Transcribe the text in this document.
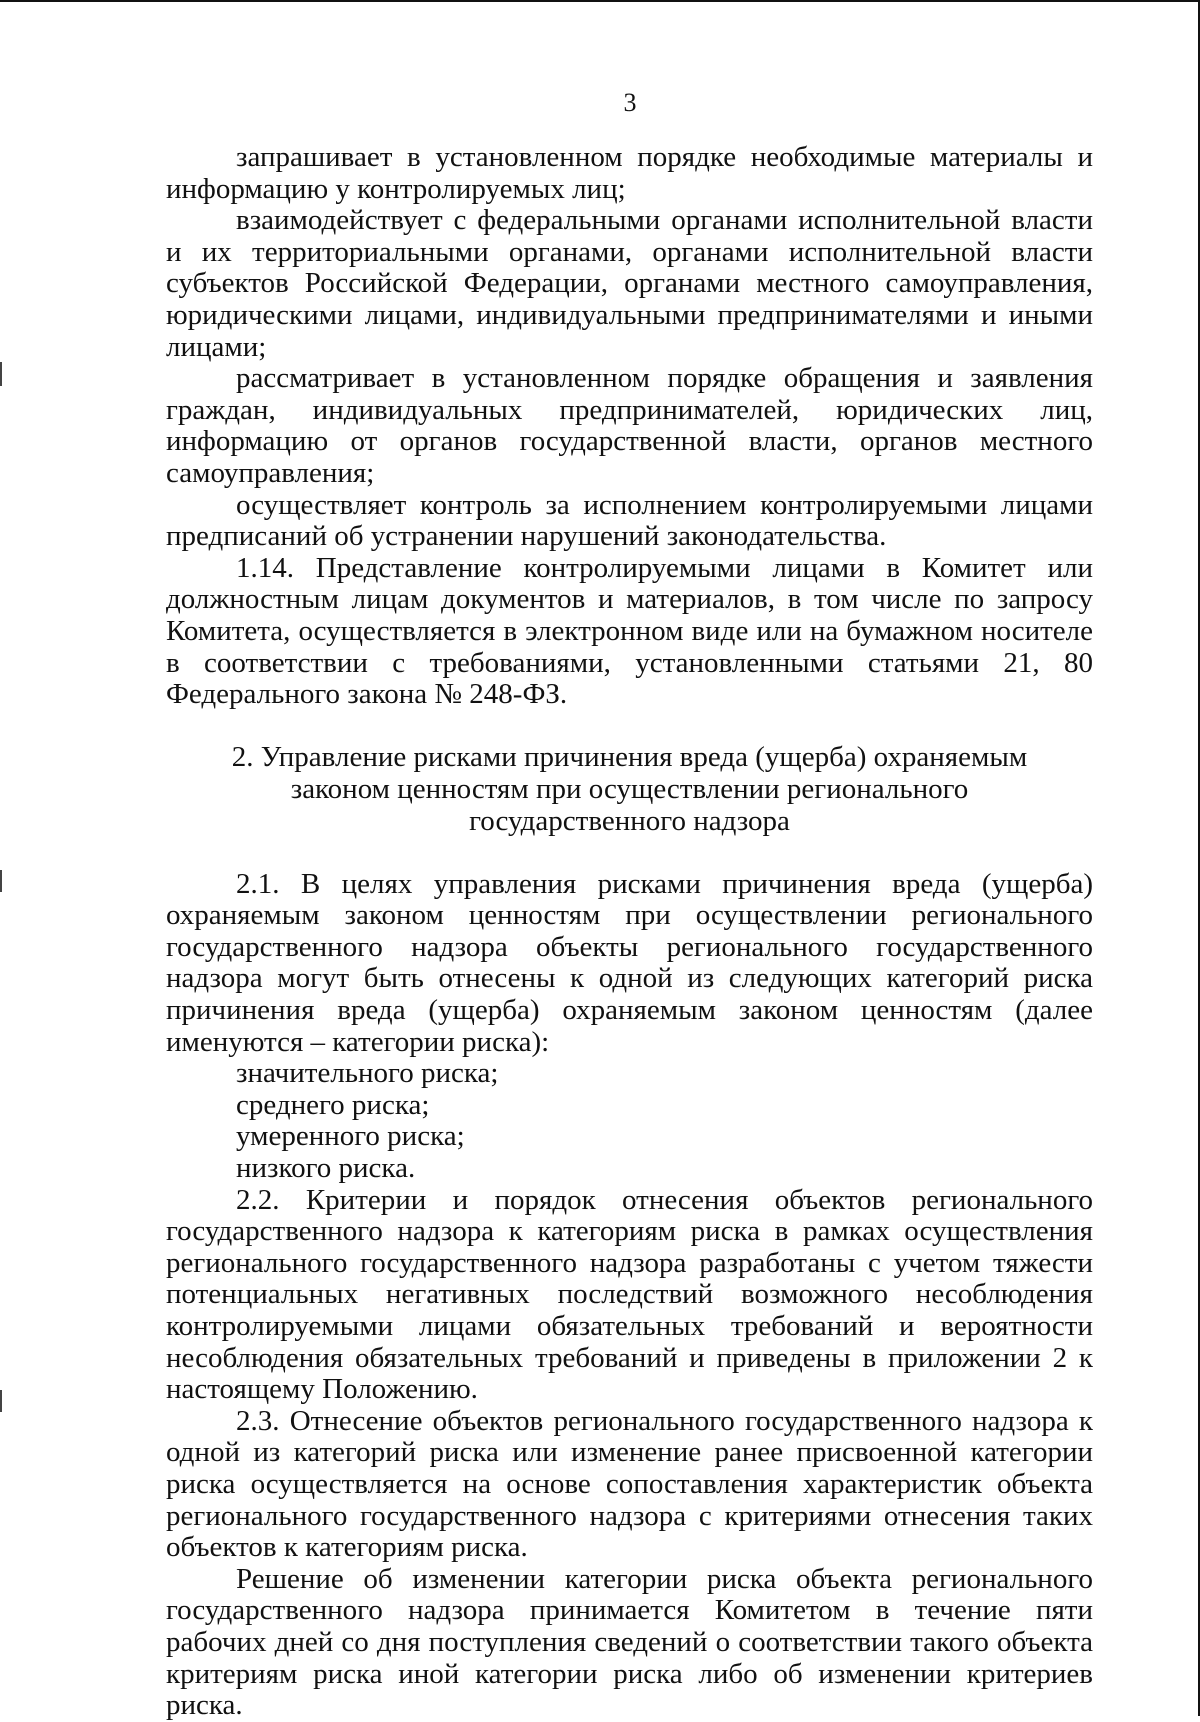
3

запрашивает в установленном порядке необходимые материалы и информацию у контролируемых лиц;

взаимодействует с федеральными органами исполнительной власти и их территориальными органами, органами исполнительной власти субъектов Российской Федерации, органами местного самоуправления, юридическими лицами, индивидуальными предпринимателями и иными лицами;

рассматривает в установленном порядке обращения и заявления граждан, индивидуальных предпринимателей, юридических лиц, информацию от органов государственной власти, органов местного самоуправления;

осуществляет контроль за исполнением контролируемыми лицами предписаний об устранении нарушений законодательства.

1.14. Представление контролируемыми лицами в Комитет или должностным лицам документов и материалов, в том числе по запросу Комитета, осуществляется в электронном виде или на бумажном носителе в соответствии с требованиями, установленными статьями 21, 80 Федерального закона № 248-ФЗ.

2. Управление рисками причинения вреда (ущерба) охраняемым
законом ценностям при осуществлении регионального
государственного надзора

2.1. В целях управления рисками причинения вреда (ущерба) охраняемым законом ценностям при осуществлении регионального государственного надзора объекты регионального государственного надзора могут быть отнесены к одной из следующих категорий риска причинения вреда (ущерба) охраняемым законом ценностям (далее именуются – категории риска):

значительного риска;

среднего риска;

умеренного риска;

низкого риска.

2.2. Критерии и порядок отнесения объектов регионального государственного надзора к категориям риска в рамках осуществления регионального государственного надзора разработаны с учетом тяжести потенциальных негативных последствий возможного несоблюдения контролируемыми лицами обязательных требований и вероятности несоблюдения обязательных требований и приведены в приложении 2 к настоящему Положению.

2.3. Отнесение объектов регионального государственного надзора к одной из категорий риска или изменение ранее присвоенной категории риска осуществляется на основе сопоставления характеристик объекта регионального государственного надзора с критериями отнесения таких объектов к категориям риска.

Решение об изменении категории риска объекта регионального государственного надзора принимается Комитетом в течение пяти рабочих дней со дня поступления сведений о соответствии такого объекта критериям риска иной категории риска либо об изменении критериев риска.
